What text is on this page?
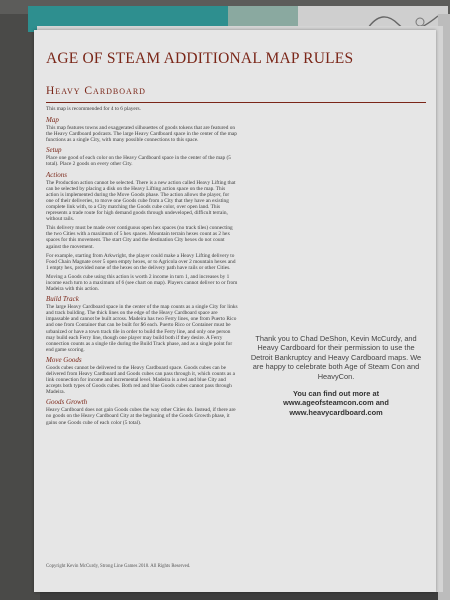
AGE OF STEAM ADDITIONAL MAP RULES
Heavy Cardboard

This map is recommended for 4 to 6 players.

Map

This map features towns and exaggerated silhouettes of goods tokens that are featured on the Heavy Cardboard podcasts. The large Heavy Cardboard space in the center of the map functions as a single City, with many possible connections to this space.

Setup

Place one good of each color on the Heavy Cardboard space in the center of the map (5 total). Place 2 goods on every other City.

Actions

The Production action cannot be selected. There is a new action called Heavy Lifting that can be selected by placing a disk on the Heavy Lifting action space on the map. This action is implemented during the Move Goods phase. The action allows the player, for one of their deliveries, to move one Goods cube from a City that they have an existing complete link with, to a City matching the Goods cube color, over open land. This represents a trade route for high demand goods through undeveloped, difficult terrain, without rails.

This delivery must be made over contiguous open hex spaces (no track tiles) connecting the two Cities with a maximum of 5 hex spaces. Mountain terrain hexes count as 2 hex spaces for this movement. The start City and the destination City hexes do not count against the movement.

For example, starting from Arkwright, the player could make a Heavy Lifting delivery to Food Chain Magnate over 5 open empty hexes, or to Agricola over 2 mountain hexes and 1 empty hex, provided none of the hexes on the delivery path have rails or other Cities.

Moving a Goods cube using this action is worth 2 income in turn 1, and increases by 1 income each turn to a maximum of 6 (see chart on map). Players cannot deliver to or from Madeira with this action.

Build Track

The large Heavy Cardboard space in the center of the map counts as a single City for links and track building. The thick lines on the edge of the Heavy Cardboard space are impassable and cannot be built across. Madeira has two Ferry lines, one from Puerto Rico and one from Container that can be built for $6 each. Puerto Rico or Container must be urbanized or have a town track tile in order to build the Ferry line, and only one person may build each Ferry line, though one player may build both if they desire. A Ferry connection counts as a single tile during the Build Track phase, and as a single point for end game scoring.

Move Goods

Goods cubes cannot be delivered to the Heavy Cardboard space. Goods cubes can be delivered from Heavy Cardboard and Goods cubes can pass through it, which counts as a link connection for income and incremental level. Madeira is a red and blue City and accepts both types of Goods cubes. Both red and blue Goods cubes cannot pass through Madeira.

Goods Growth

Heavy Cardboard does not gain Goods cubes the way other Cities do. Instead, if there are no goods on the Heavy Cardboard City at the beginning of the Goods Growth phase, it gains one Goods cube of each color (5 total).

Thank you to Chad DeShon, Kevin McCurdy, and Heavy Cardboard for their permission to use the Detroit Bankruptcy and Heavy Cardboard maps. We are happy to celebrate both Age of Steam Con and HeavyCon.

You can find out more at
www.ageofsteamcon.com and
www.heavycardboard.com
Copyright Kevin McCurdy, Strong Line Games 2018. All Rights Reserved.
